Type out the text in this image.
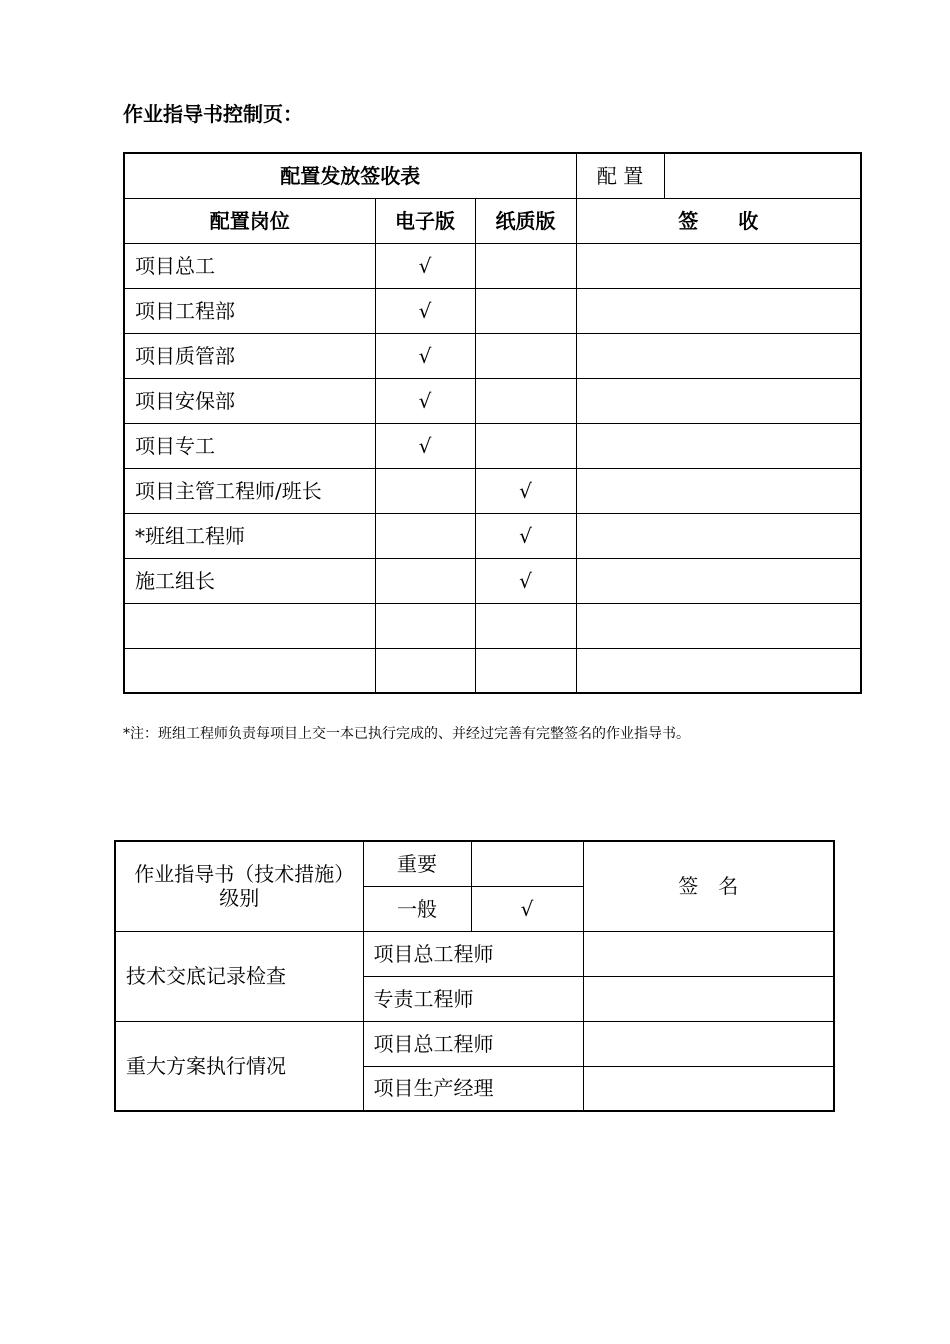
作业指导书控制页：
配置发放签收表			配 置	
配置岗位	电子版	纸质版	签　　收	
项目总工	√			
项目工程部	√			
项目质管部	√			
项目安保部	√			
项目专工	√			
项目主管工程师/班长		√		
*班组工程师		√		
施工组长		√		

*注：班组工程师负责每项目上交一本已执行完成的、并经过完善有完整签名的作业指导书。

作业指导书（技术措施）级别	重要		签　名
	一般	√	
技术交底记录检查	项目总工程师		
	专责工程师		
重大方案执行情况	项目总工程师		
	项目生产经理		
